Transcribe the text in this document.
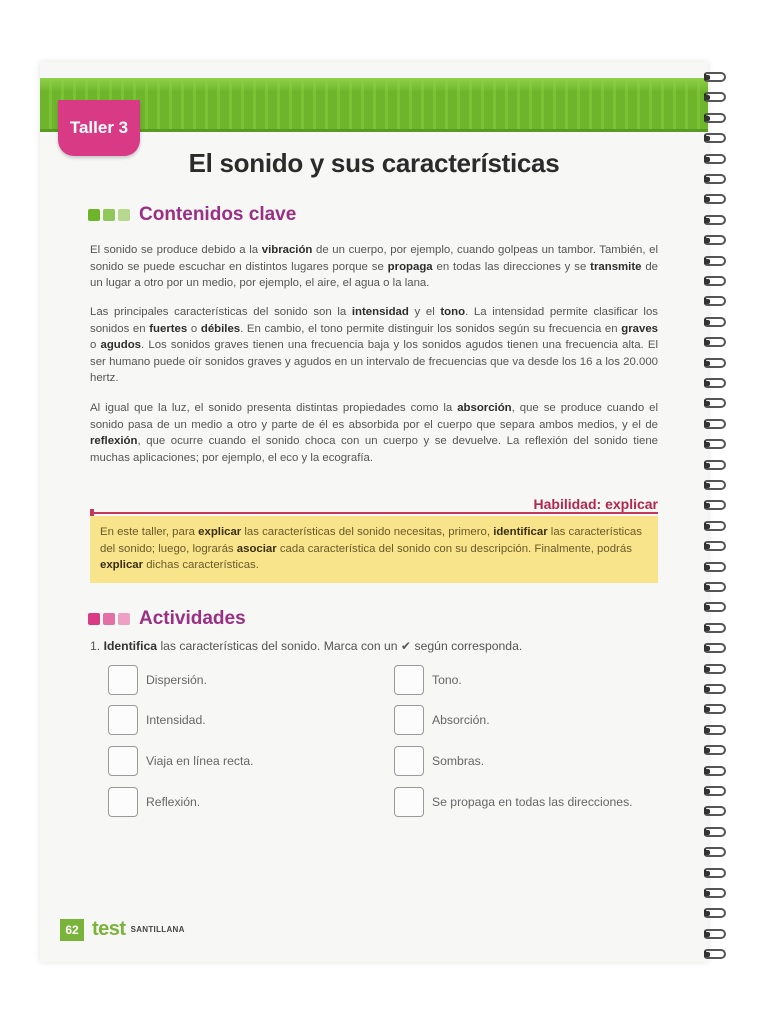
Taller 3
El sonido y sus características
Contenidos clave

El sonido se produce debido a la vibración de un cuerpo, por ejemplo, cuando golpeas un tambor. También, el sonido se puede escuchar en distintos lugares porque se propaga en todas las direcciones y se transmite de un lugar a otro por un medio, por ejemplo, el aire, el agua o la lana.

Las principales características del sonido son la intensidad y el tono. La intensidad permite clasificar los sonidos en fuertes o débiles. En cambio, el tono permite distinguir los sonidos según su frecuencia en graves o agudos. Los sonidos graves tienen una frecuencia baja y los sonidos agudos tienen una frecuencia alta. El ser humano puede oír sonidos graves y agudos en un intervalo de frecuencias que va desde los 16 a los 20.000 hertz.

Al igual que la luz, el sonido presenta distintas propiedades como la absorción, que se produce cuando el sonido pasa de un medio a otro y parte de él es absorbida por el cuerpo que separa ambos medios, y el de reflexión, que ocurre cuando el sonido choca con un cuerpo y se devuelve. La reflexión del sonido tiene muchas aplicaciones; por ejemplo, el eco y la ecografía.

Habilidad: explicar
En este taller, para explicar las características del sonido necesitas, primero, identificar las características del sonido; luego, lograrás asociar cada característica del sonido con su descripción. Finalmente, podrás explicar dichas características.
Actividades
1. Identifica las características del sonido. Marca con un ✔ según corresponda.
Dispersión.
Intensidad.
Viaja en línea recta.
Reflexión.
Tono.
Absorción.
Sombras.
Se propaga en todas las direcciones.
62 test SANTILLANA
